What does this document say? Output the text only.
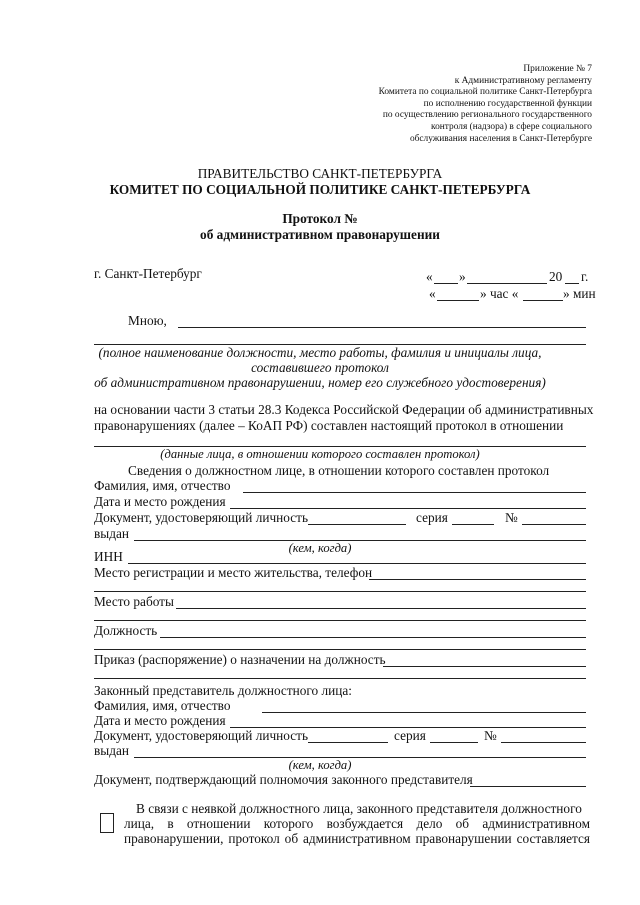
Приложение № 7
к Административному регламенту
Комитета по социальной политике Санкт-Петербурга
по исполнению государственной функции
по осуществлению регионального государственного
контроля (надзора) в сфере социального
обслуживания населения в Санкт-Петербурге
ПРАВИТЕЛЬСТВО САНКТ-ПЕТЕРБУРГА
КОМИТЕТ ПО СОЦИАЛЬНОЙ ПОЛИТИКЕ САНКТ-ПЕТЕРБУРГА
Протокол №
об административном правонарушении
г. Санкт-Петербург	« »	20 г.
«	» час «	» мин
Мною,
(полное наименование должности, место работы, фамилия и инициалы лица,
составившего протокол
об административном правонарушении, номер его служебного удостоверения)
на основании части 3 статьи 28.3 Кодекса Российской Федерации об административных
правонарушениях (далее – КоАП РФ) составлен настоящий протокол в отношении
(данные лица, в отношении которого составлен протокол)
Сведения о должностном лице, в отношении которого составлен протокол
Фамилия, имя, отчество
Дата и место рождения
Документ, удостоверяющий личность	серия	№
выдан
(кем, когда)
ИНН
Место регистрации и место жительства, телефон
Место работы
Должность
Приказ (распоряжение) о назначении на должность
Законный представитель должностного лица:
Фамилия, имя, отчество
Дата и место рождения
Документ, удостоверяющий личность	серия	№
выдан
(кем, когда)
Документ, подтверждающий полномочия законного представителя
В связи с неявкой должностного лица, законного представителя должностного
лица, в отношении которого возбуждается дело об административном
правонарушении, протокол об административном правонарушении составляется
